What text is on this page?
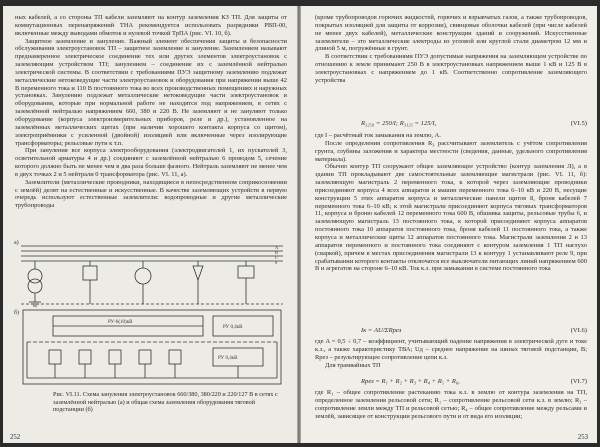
ных кабелей, а со стороны ТП кабели заземляют на контур заземления КЗ ТП. Для защиты от коммутационных перенапряжений ТНА рекомендуется использовать разрядники РВП-00, включенные между выводами обмоток и нулевой точкой ТрПА (рис. VI. 10, б).

Защитное заземление и зануление. Важный элемент обеспечения защиты и безопасности обслуживания электроустановок ТП – защитное заземление и зануление. Заземлением называют преднамеренное электрическое соединение тех или других элементов электроустановок с заземляющим устройством ТП; занулением – соединение их с заземлённой нейтралью электрической системы. В соответствии с требованиями ПУЭ защитному заземлению подлежат металлические нетоковедущие части электроустановок и оборудования при напряжении выше 42 В переменного тока и 110 В постоянного тока во всех производственных помещениях и наружных установках. Занулению подлежат металлические нетоковедущие части электроустановок и оборудования, которые при нормальной работе не находятся под напряжением, в сетях с заземлённой нейтралью напряжением 660, 380 и 220 В. Не заземляют и не зануляют только оборудование (корпуса электроизмерительных приборов, реле и др.), установленное на заземлённых металлических щитах (при наличии хорошего контакта корпуса со щитом), электроприёмники с усиленной (двойной) изоляцией или включенные через изолирующие трансформаторы; рельсовые пути к т.п.

При зануления все корпуса электрооборудования (электродвигателей 1, их пускателей 3, осветительной арматуры 4 и др.) соединяют с заземлённой нейтралью 6 проводом 5, сечение которого должно быть не менее чем в два раза больше фазного. Нейтраль заземляют не менее чем в двух точках 2 и 5 нейтрали 0 трансформатора (рис. VI. 11, а).

Заземлители (металлические проводники, находящиеся в непосредственном соприкосновении с землёй) делят на естественные и искусственные. В качестве заземляющих устройств в первую очередь используют естественные заземлители: водопроводные и другие металлические трубопроводы

а)
б)
A
B
C
0
РУ-6(10)кВ
РУ 0,4кВ
РУ 0,4кВ
Рис. VI.11. Схема зануления электроустановок 660/380, 380/220 и 220/127 В в сетях с заземлённой нейтралью (а) и общая схема заземления оборудования тяговой подстанции (б)
252

(кроме трубопроводов горючих жидкостей, горючих и взрывчатых газов, а также трубопроводов, покрытых изоляцией для защиты от коррозии), свинцовые оболочки кабелей (при числе кабелей не менее двух кабелей), металлические конструкции зданий и сооружений. Искусственные заземлители – это металлические электроды из угловой или круглой стали диаметром 12 мм и длиной 5 м, погружённые в грунт.

В соответствии с требованиями ПУЭ допустимые напряжения на заземляющем устройстве по отношению к земле принимают 250 В в электроустановках напряжением выше 1 кВ и 125 В в электроустановках с напряжением до 1 кВ. Соответственно сопротивление заземляющего устройства

R₃₂₅₀ = 250/I; R₃₁₂₅ = 125/I,	(VI.5)

где I – расчётный ток замыкания на землю, А.

После определения сопротивления R₃ рассчитывают заземлитель с учётом сопротивления грунта, глубины заложения и характера местности (сведения, данные, удельного сопротивления материала).

Обычно контур ТП сооружают общее заземляющее устройство (контур заземления Л), а в здании ТП прокладывают две самостоятельные заземляющие магистрали (рис. VI. 11, б): заземляющую магистраль 2 переменного тока, к которой через заземляющие проводники присоединяют корпуса 4 всех аппаратов и машин переменного тока 6–10 кВ и 220 В, несущие конструкции 5 этих аппаратов корпуса и металлические панели щитов 8, броня кабелей 7 переменного тока 6–10 кВ; к этой магистрали присоединяют корпуса тяговых трансформаторов 11, корпуса и броню кабелей 12 переменного тока 600 В, обшивка защиты, рельсовые трубы 6, и заземляющую магистраль 13 постоянного тока, к которой присоединяют корпуса аппаратов постоянного тока 10 аппаратов постоянного тока, броня кабелей 11 постоянного тока, а также корпуса и металлические щиты 12 аппаратов постоянного тока. Магистрали заземления 2 и 13 аппаратов переменного и постоянного тока соединяют с контуром заземления 1 ТП наглухо (сваркой), причем в местах присоединения магистрали 13 к контуру 1 устанавливают реле 9, при срабатывании которого контакты отключатся все выключатели питающих линий напряжением 600 В и агрегатов на стороне 6–10 кВ. Ток к.з. при замыкании в системе постоянного тока

Iк = AU/ΣRрез	(VI.6)

где A = 0,5 ÷ 0,7 – коэффициент, учитывающий падение напряжения в электрической дуге и токе к.з., а также характеристику ТВА; Uд – среднее напряжение на шинах тяговой подстанции, В; Rрез – результирующее сопротивление цепи к.з.

Для трамвайных ТП

Rрез = R₁ + R₂ + R₃ + R₄ + R₅ + R₆,	(VI.7)

где R₁ – общее сопротивление растеканию тока к.з. в землю от контура заземления на ТП, определенное заземления рельсовой сети; R₂ – сопротивление рельсовой сети к.з. в землю; R₃ – сопротивление земли между ТП и рельсовой сетью; R₄ – общее сопротивление между рельсами и землёй, зависящее от конструкции рельсового пути и от вида его изоляции;

253
